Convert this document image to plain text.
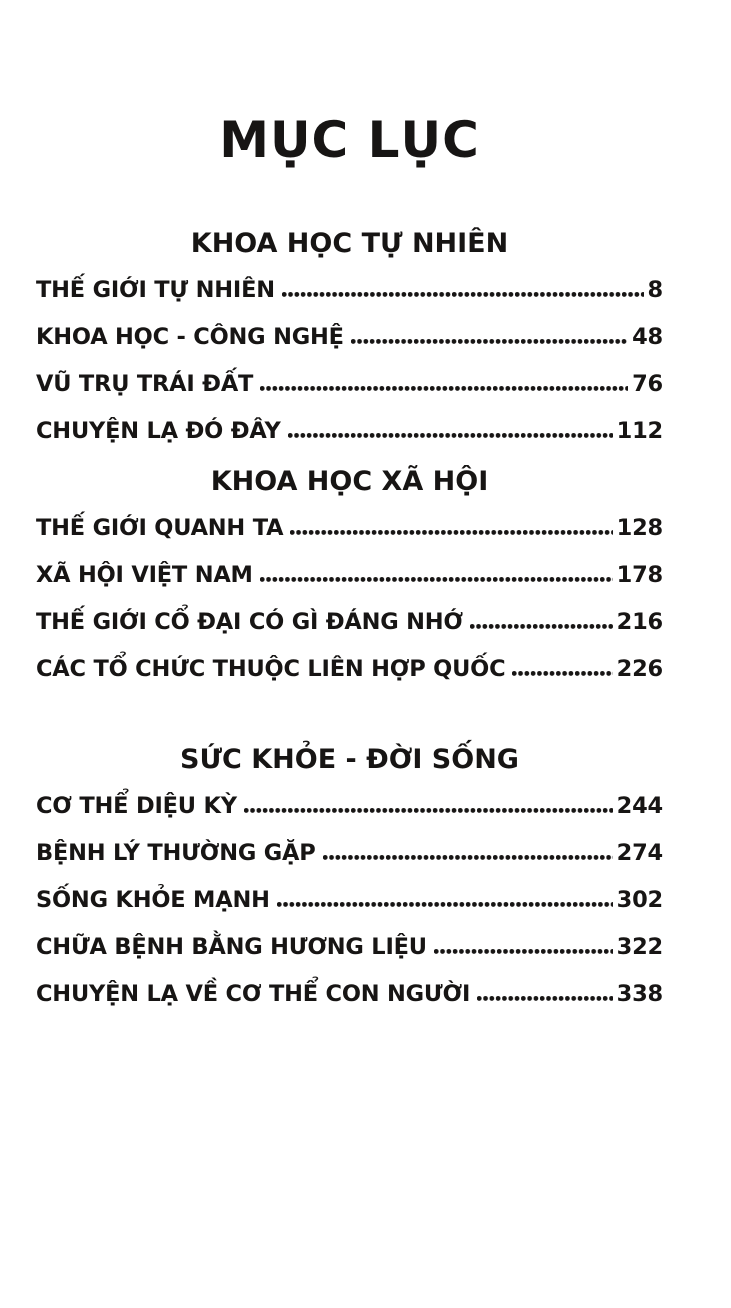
MỤC LỤC
KHOA HỌC TỰ NHIÊN
THẾ GIỚI TỰ NHIÊN	8
KHOA HỌC - CÔNG NGHỆ	48
VŨ TRỤ TRÁI ĐẤT	76
CHUYỆN LẠ ĐÓ ĐÂY	112
KHOA HỌC XÃ HỘI
THẾ GIỚI QUANH TA	128
XÃ HỘI VIỆT NAM	178
THẾ GIỚI CỔ ĐẠI CÓ GÌ ĐÁNG NHỚ	216
CÁC TỔ CHỨC THUỘC LIÊN HỢP QUỐC	226
SỨC KHỎE - ĐỜI SỐNG
CƠ THỂ DIỆU KỲ	244
BỆNH LÝ THƯỜNG GẶP	274
SỐNG KHỎE MẠNH	302
CHỮA BỆNH BẰNG HƯƠNG LIỆU	322
CHUYỆN LẠ VỀ CƠ THỂ CON NGƯỜI	338
